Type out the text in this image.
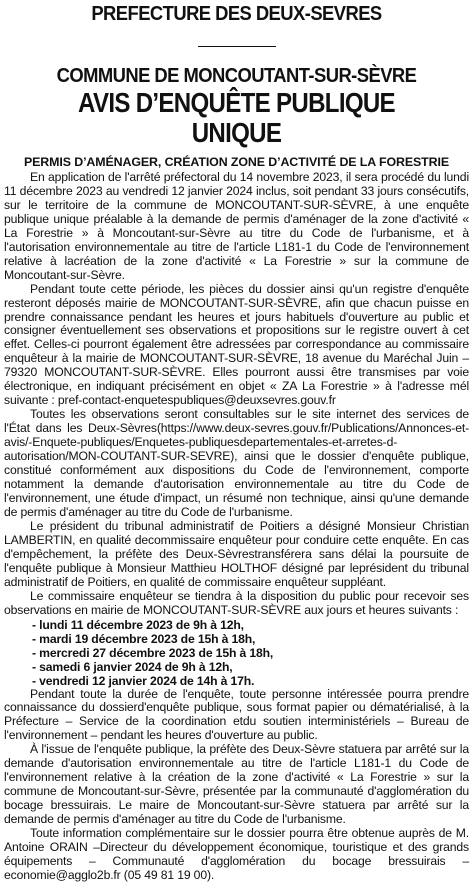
PREFECTURE DES DEUX-SEVRES
COMMUNE DE MONCOUTANT-SUR-SÈVRE
AVIS D’ENQUÊTE PUBLIQUE UNIQUE
PERMIS D’AMÉNAGER, CRÉATION ZONE D’ACTIVITÉ DE LA FORESTRIE

En application de l'arrêté préfectoral du 14 novembre 2023, il sera procédé du lundi 11 décembre 2023 au vendredi 12 janvier 2024 inclus, soit pendant 33 jours consécutifs, sur le territoire de la commune de MONCOUTANT-SUR-SÈVRE, à une enquête publique unique préalable à la demande de permis d'aménager de la zone d'activité « La Forestrie » à Moncoutant-sur-Sèvre au titre du Code de l'urbanisme, et à l'autorisation environnementale au titre de l'article L181-1 du Code de l'environnement relative à lacréation de la zone d'activité « La Forestrie » sur la commune de Moncoutant-sur-Sèvre.

Pendant toute cette période, les pièces du dossier ainsi qu'un registre d'enquête resteront déposés mairie de MONCOUTANT-SUR-SÈVRE, afin que chacun puisse en prendre connaissance pendant les heures et jours habituels d'ouverture au public et consigner éventuellement ses observations et propositions sur le registre ouvert à cet effet. Celles-ci pourront également être adressées par correspondance au commissaire enquêteur à la mairie de MONCOUTANT-SUR-SÈVRE, 18 avenue du Maréchal Juin – 79320 MONCOUTANT-SUR-SÈVRE. Elles pourront aussi être transmises par voie électronique, en indiquant précisément en objet « ZA La Forestrie » à l'adresse mél suivante : pref-contact-enquetespubliques@deuxsevres.gouv.fr

Toutes les observations seront consultables sur le site internet des services de l'État dans les Deux-Sèvres(https://www.deux-sevres.gouv.fr/Publications/Annonces-et-avis/-Enquete-publiques/Enquetes-publiquesdepartementales-et-arretes-d-autorisation/MON-COUTANT-SUR-SEVRE), ainsi que le dossier d'enquête publique, constitué conformément aux dispositions du Code de l'environnement, comporte notamment la demande d'autorisation environnementale au titre du Code de l'environnement, une étude d'impact, un résumé non technique, ainsi qu'une demande de permis d'aménager au titre du Code de l'urbanisme.

Le président du tribunal administratif de Poitiers a désigné Monsieur Christian LAMBERTIN, en qualité decommissaire enquêteur pour conduire cette enquête. En cas d'empêchement, la préfète des Deux-Sèvrestransférera sans délai la poursuite de l'enquête publique à Monsieur Matthieu HOLTHOF désigné par leprésident du tribunal administratif de Poitiers, en qualité de commissaire enquêteur suppléant.

Le commissaire enquêteur se tiendra à la disposition du public pour recevoir ses observations en mairie de MONCOUTANT-SUR-SÈVRE aux jours et heures suivants :

- lundi 11 décembre 2023 de 9h à 12h,
- mardi 19 décembre 2023 de 15h à 18h,
- mercredi 27 décembre 2023 de 15h à 18h,
- samedi 6 janvier 2024 de 9h à 12h,
- vendredi 12 janvier 2024 de 14h à 17h.

Pendant toute la durée de l'enquête, toute personne intéressée pourra prendre connaissance du dossierd'enquête publique, sous format papier ou dématérialisé, à la Préfecture – Service de la coordination etdu soutien interministériels – Bureau de l'environnement – pendant les heures d'ouverture au public.

À l'issue de l'enquête publique, la préfète des Deux-Sèvre statuera par arrêté sur la demande d'autorisation environnementale au titre de l'article L181-1 du Code de l'environnement relative à la création de la zone d'activité « La Forestrie » sur la commune de Moncoutant-sur-Sèvre, présentée par la communauté d'agglomération du bocage bressuirais. Le maire de Moncoutant-sur-Sèvre statuera par arrêté sur la demande de permis d'aménager au titre du Code de l'urbanisme.

Toute information complémentaire sur le dossier pourra être obtenue auprès de M. Antoine ORAIN –Directeur du développement économique, touristique et des grands équipements – Communauté d'agglomération du bocage bressuirais – economie@agglo2b.fr (05 49 81 19 00).
